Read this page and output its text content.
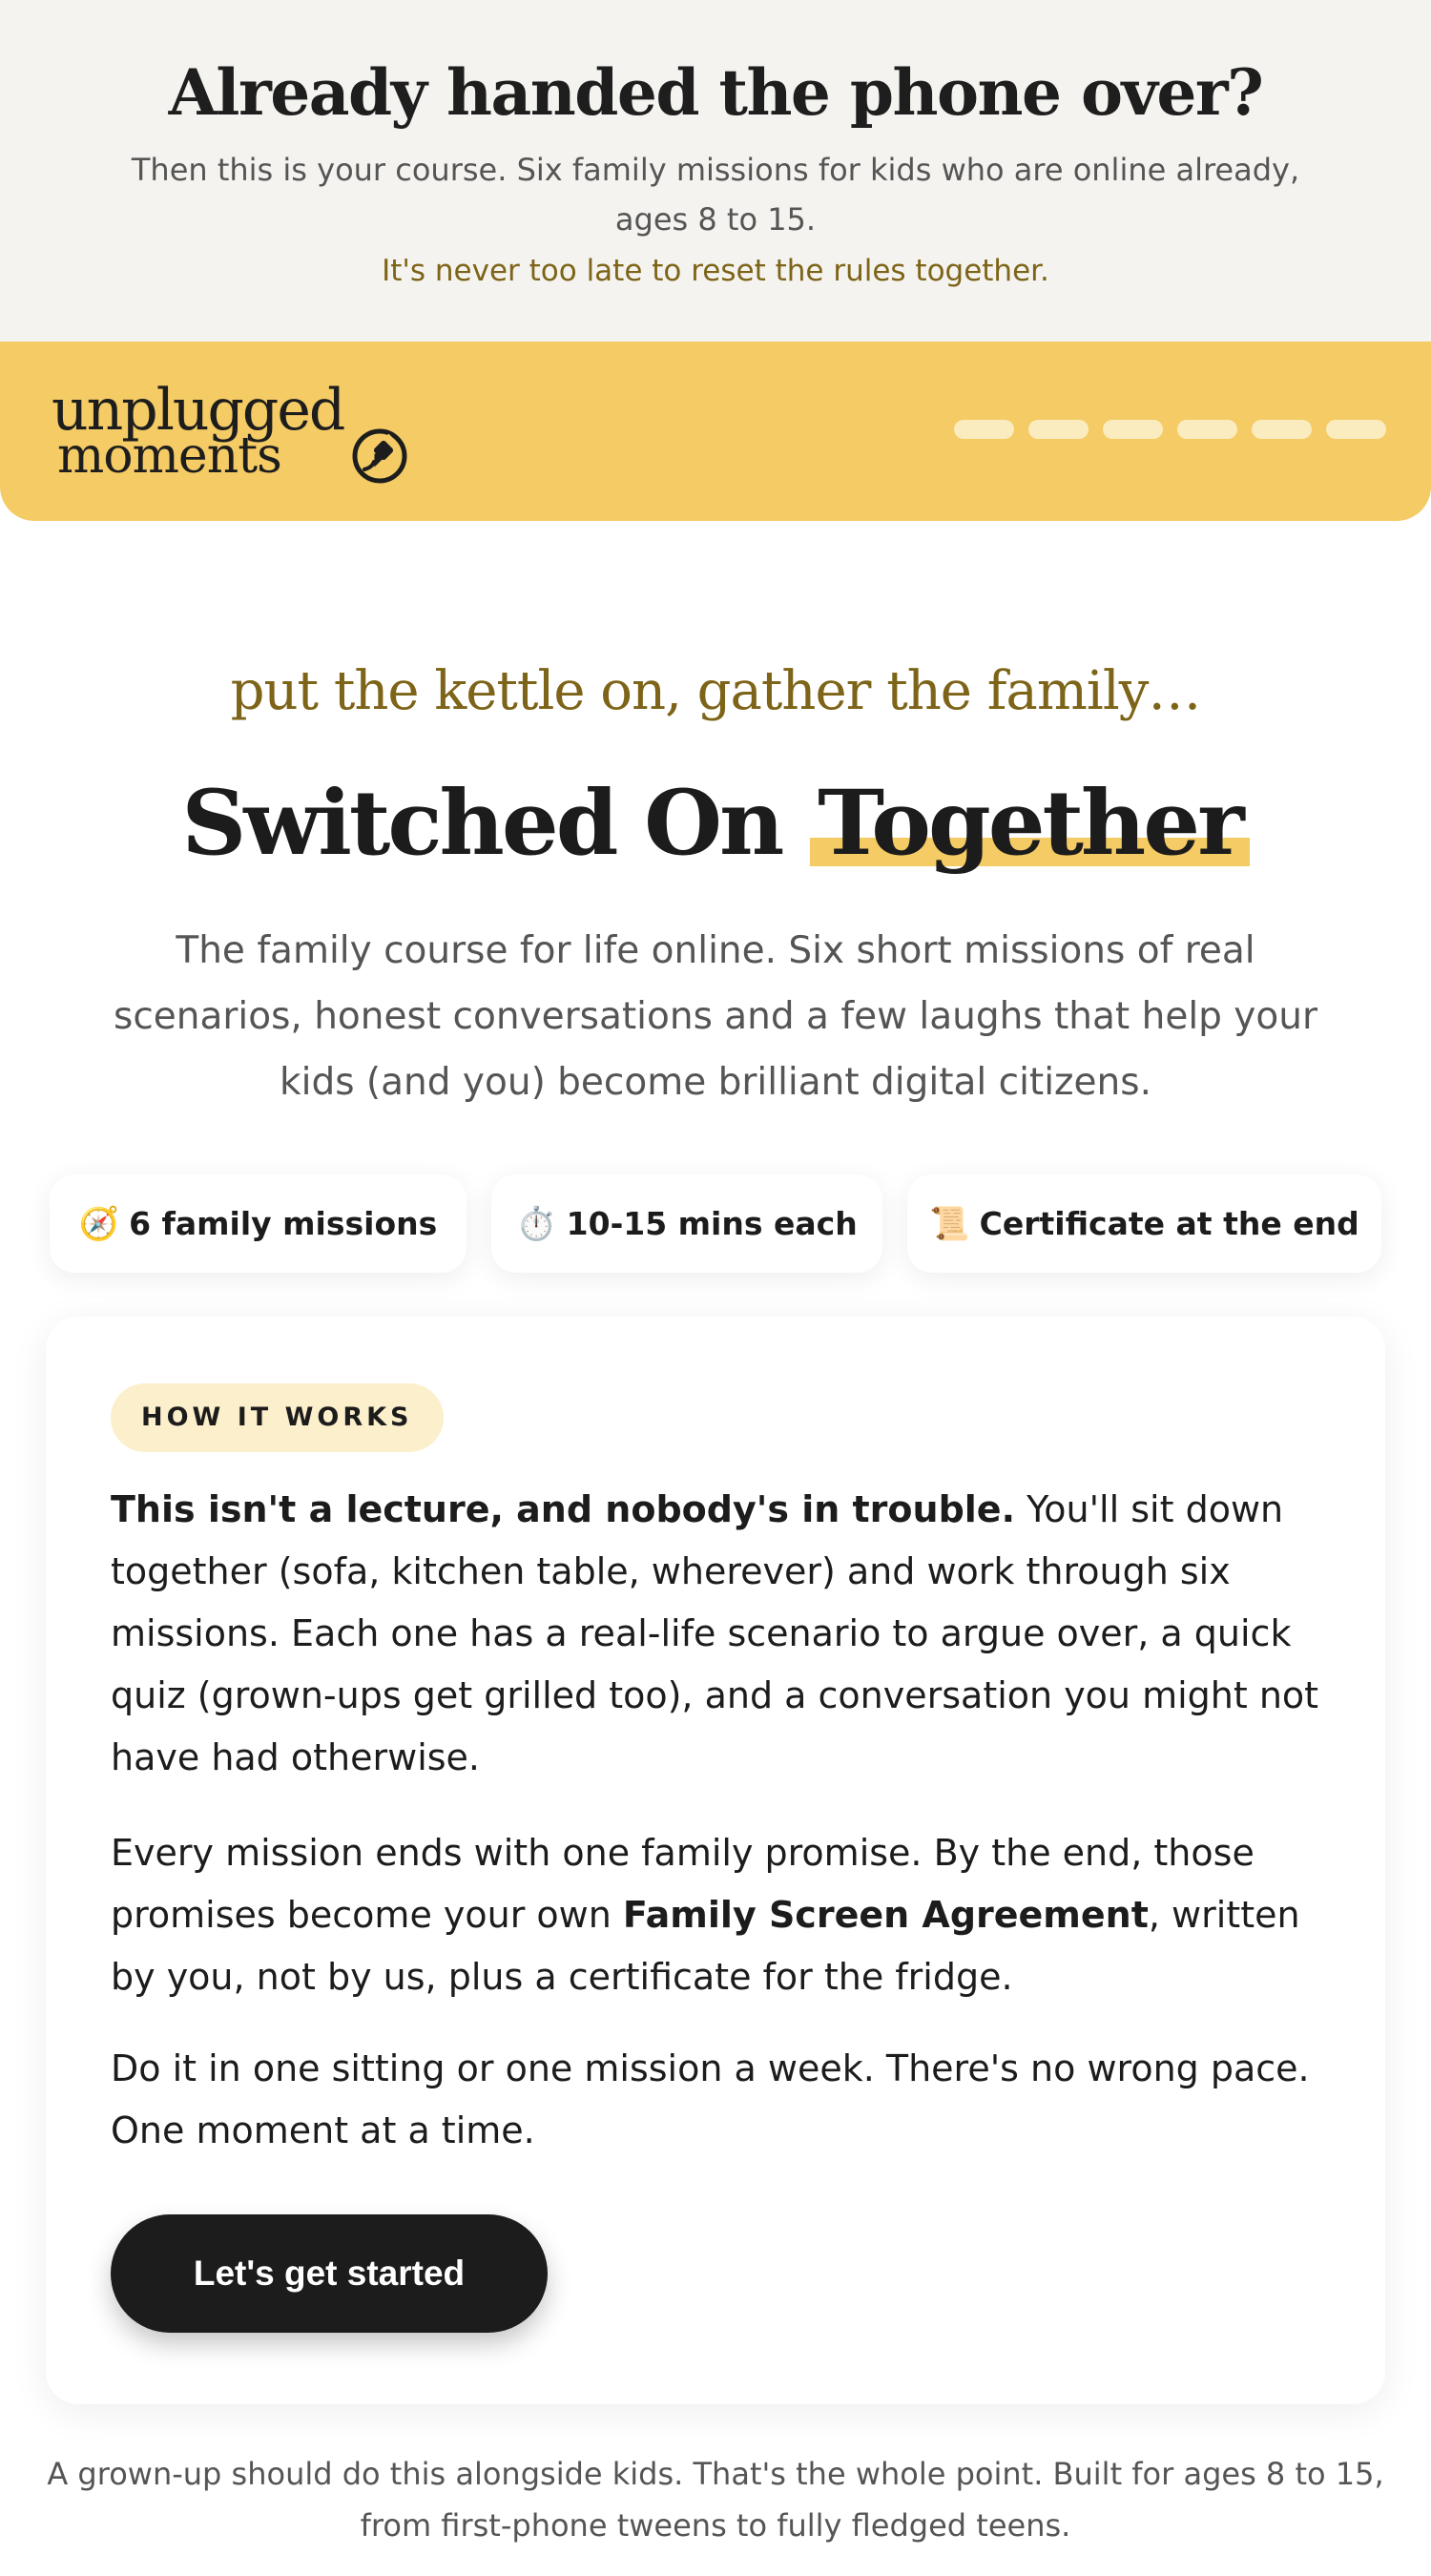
Already handed the phone over?

Then this is your course. Six family missions for kids who are online already, ages 8 to 15.

It's never too late to reset the rules together.
unplugged
moments

put the kettle on, gather the family…

Switched On Together

The family course for life online. Six short missions of real scenarios, honest conversations and a few laughs that help your kids (and you) become brilliant digital citizens.

🧭 6 family missions ⏱️ 10-15 mins each 📜 Certificate at the end
HOW IT WORKS

This isn't a lecture, and nobody's in trouble. You'll sit down together (sofa, kitchen table, wherever) and work through six missions. Each one has a real-life scenario to argue over, a quick quiz (grown-ups get grilled too), and a conversation you might not have had otherwise.

Every mission ends with one family promise. By the end, those promises become your own Family Screen Agreement, written by you, not by us, plus a certificate for the fridge.

Do it in one sitting or one mission a week. There's no wrong pace. One moment at a time.

Let's get started

A grown-up should do this alongside kids. That's the whole point. Built for ages 8 to 15, from first-phone tweens to fully fledged teens.
